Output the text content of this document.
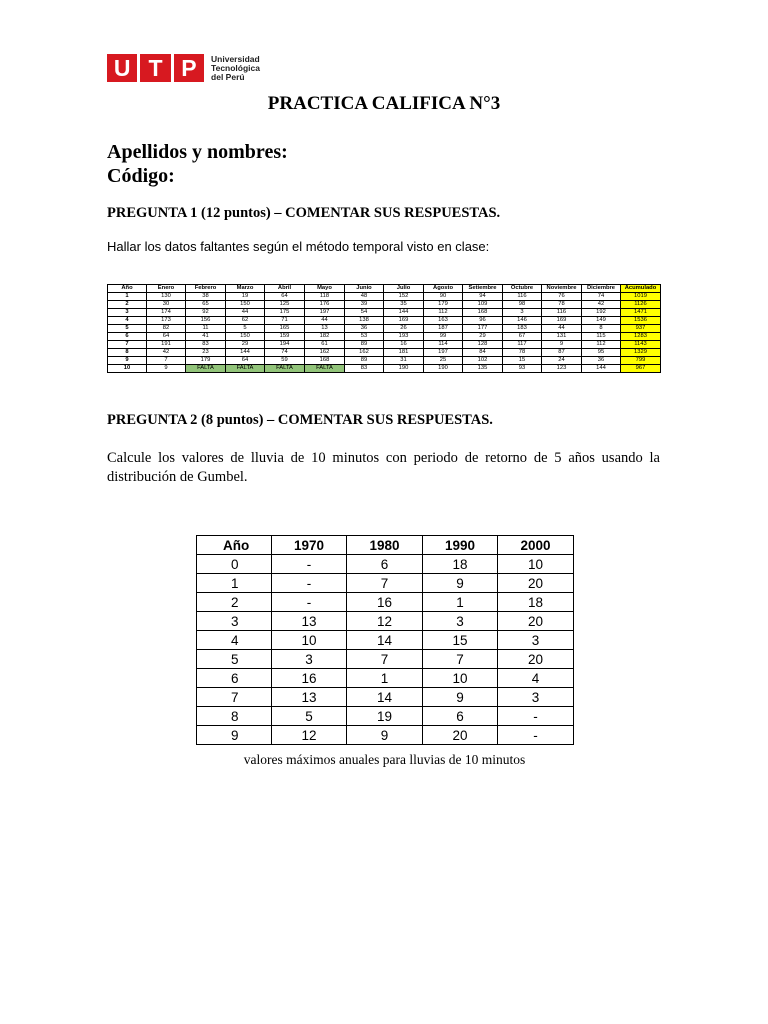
U T P	Universidad
Tecnológica
del Perú
PRACTICA CALIFICA N°3
Apellidos y nombres:
Código:
PREGUNTA 1 (12 puntos) – COMENTAR SUS RESPUESTAS.
Hallar los datos faltantes según el método temporal visto en clase:
Año	Enero	Febrero	Marzo	Abril	Mayo	Junio	Julio	Agosto	Setiembre	Octubre	Noviembre	Diciembre	Acumulado
1	130	38	19	64	118	48	152	90	94	116	76	74	1019
2	30	65	150	125	176	39	35	179	109	98	78	42	1126
3	174	92	44	175	197	54	144	112	168	3	116	192	1471
4	173	156	62	71	44	138	169	163	96	146	169	149	1536
5	82	11	5	165	13	36	26	187	177	183	44	8	937
6	64	41	150	159	182	53	193	99	29	67	131	115	1283
7	191	83	29	194	61	89	16	114	128	117	9	112	1143
8	42	23	144	74	162	162	181	197	84	78	87	95	1329
9	7	179	64	59	168	89	31	25	102	15	24	36	799
10	9	FALTA	FALTA	FALTA	FALTA	83	190	190	135	93	123	144	967
PREGUNTA 2 (8 puntos) – COMENTAR SUS RESPUESTAS.
Calcule los valores de lluvia de 10 minutos con periodo de retorno de 5 años usando la distribución de Gumbel.
Año	1970	1980	1990	2000
0	-	6	18	10
1	-	7	9	20
2	-	16	1	18
3	13	12	3	20
4	10	14	15	3
5	3	7	7	20
6	16	1	10	4
7	13	14	9	3
8	5	19	6	-
9	12	9	20	-
valores máximos anuales para lluvias de 10 minutos
